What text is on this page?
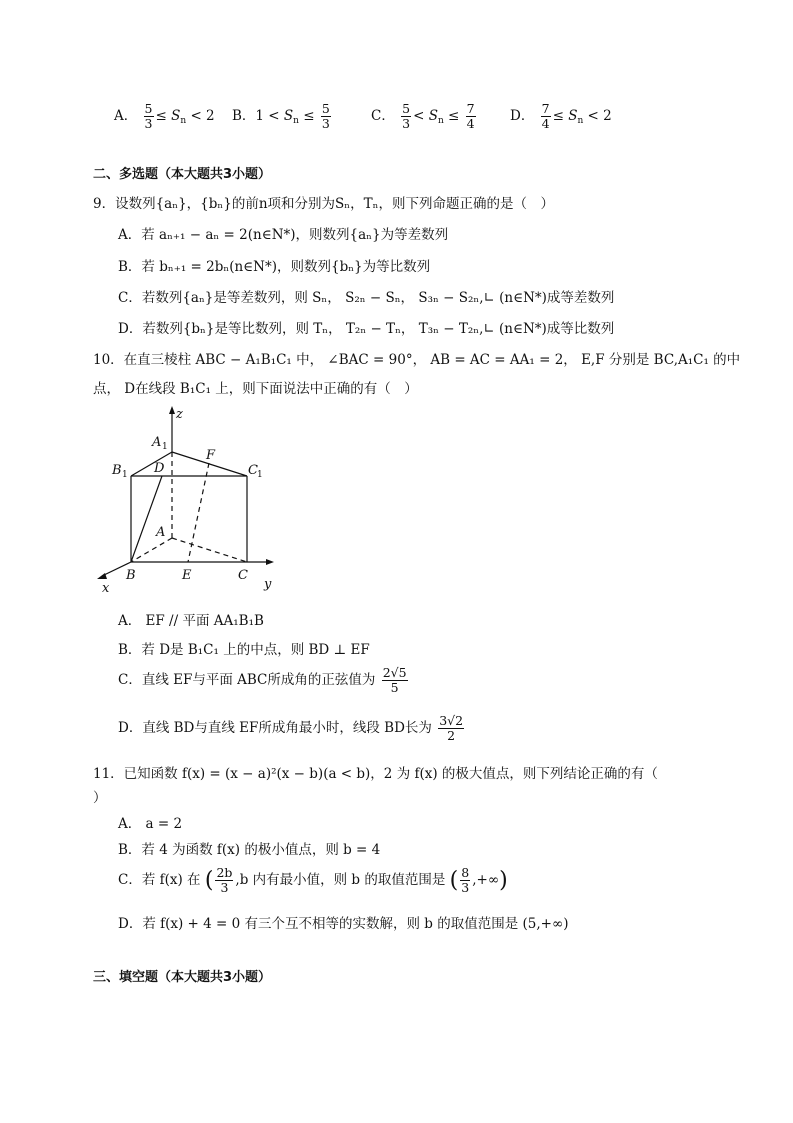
A． $\frac{5}{3} \le S_n < 2$ B．$1 < S_n \le \frac{5}{3}$	C． $\frac{5}{3} < S_n \le \frac{7}{4}$	D． $\frac{7}{4} \le S_n < 2$
二、多选题（本大题共3小题）
9．设数列{aₙ}，{bₙ}的前n项和分别为Sₙ，Tₙ，则下列命题正确的是（　）
A．若 aₙ₊₁ − aₙ = 2(n∈N*)，则数列{aₙ}为等差数列
B．若 bₙ₊₁ = 2bₙ(n∈N*)，则数列{bₙ}为等比数列
C．若数列{aₙ}是等差数列，则 Sₙ， S₂ₙ − Sₙ， S₃ₙ − S₂ₙ,∟ (n∈N*)成等差数列
D．若数列{bₙ}是等比数列，则 Tₙ， T₂ₙ − Tₙ， T₃ₙ − T₂ₙ,∟ (n∈N*)成等比数列
10．在直三棱柱 ABC − A₁B₁C₁ 中， ∠BAC = 90°， AB = AC = AA₁ = 2， E,F 分别是 BC,A₁C₁ 的中
点， D在线段 B₁C₁ 上，则下面说法中正确的有（　）
z
A 1
B 1 D
F
C 1
A
B	E	C
y
x
A． EF // 平面 AA₁B₁B
B．若 D是 B₁C₁ 上的中点，则 BD ⊥ EF
C．直线 EF与平面 ABC所成角的正弦值为 $\frac{2√5}{5}$
D．直线 BD与直线 EF所成角最小时，线段 BD长为 $\frac{3√2}{2}$
11．已知函数 f(x) = (x − a)²(x − b)(a < b)，2 为 f(x) 的极大值点，则下列结论正确的有（
）
A． a = 2
B．若 4 为函数 f(x) 的极小值点，则 b = 4
C．若 f(x) 在 ( $\frac{2b}{3} ,b$ 内有最小值，则 b 的取值范围是 ( $\frac{8}{3}$ ,+∞)
D．若 f(x) + 4 = 0 有三个互不相等的实数解，则 b 的取值范围是 (5,+∞)
三、填空题（本大题共3小题）
